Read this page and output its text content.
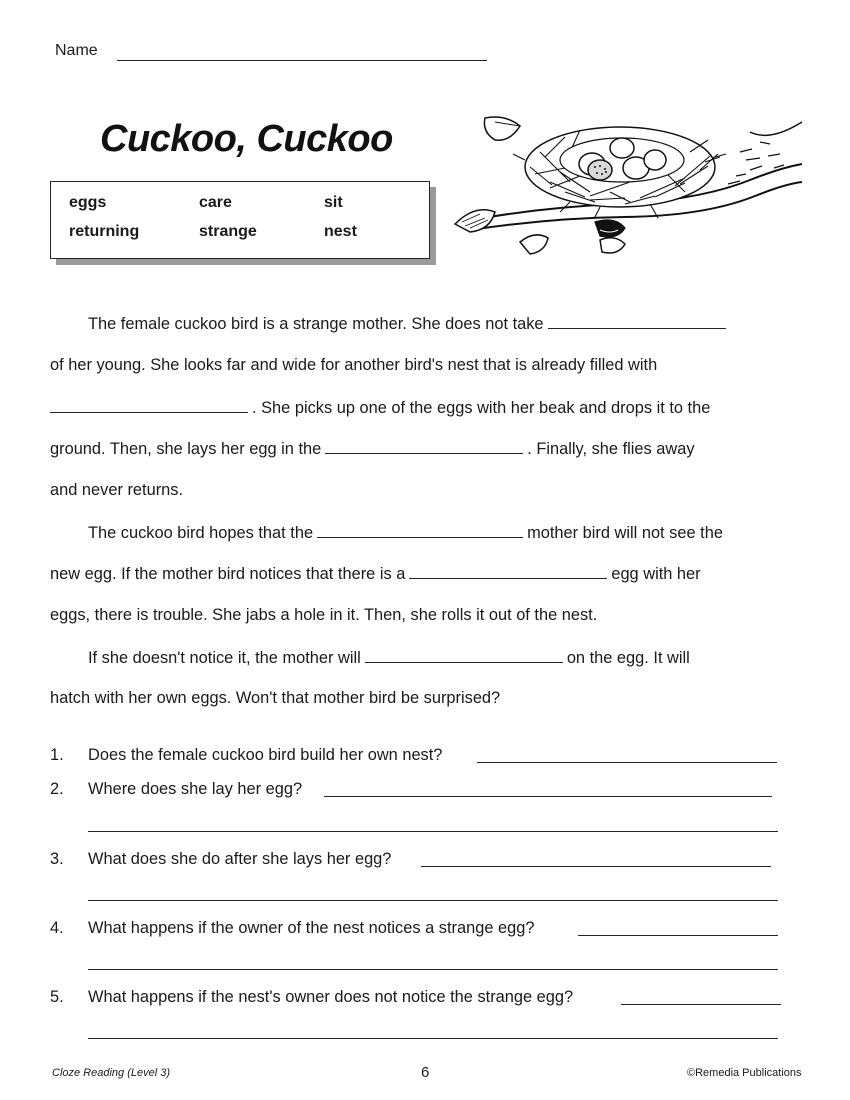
Name
Cuckoo, Cuckoo
eggs	care	sit
returning	strange	nest
The female cuckoo bird is a strange mother. She does not take
of her young. She looks far and wide for another bird's nest that is already filled with
. She picks up one of the eggs with her beak and drops it to the
ground. Then, she lays her egg in the	. Finally, she flies away
and never returns.
The cuckoo bird hopes that the	mother bird will not see the
new egg. If the mother bird notices that there is a	egg with her
eggs, there is trouble. She jabs a hole in it. Then, she rolls it out of the nest.
If she doesn't notice it, the mother will	on the egg. It will
hatch with her own eggs. Won't that mother bird be surprised?
1. Does the female cuckoo bird build her own nest?
2. Where does she lay her egg?
3. What does she do after she lays her egg?
4. What happens if the owner of the nest notices a strange egg?
5. What happens if the nest's owner does not notice the strange egg?
Cloze Reading (Level 3)	6	©Remedia Publications
